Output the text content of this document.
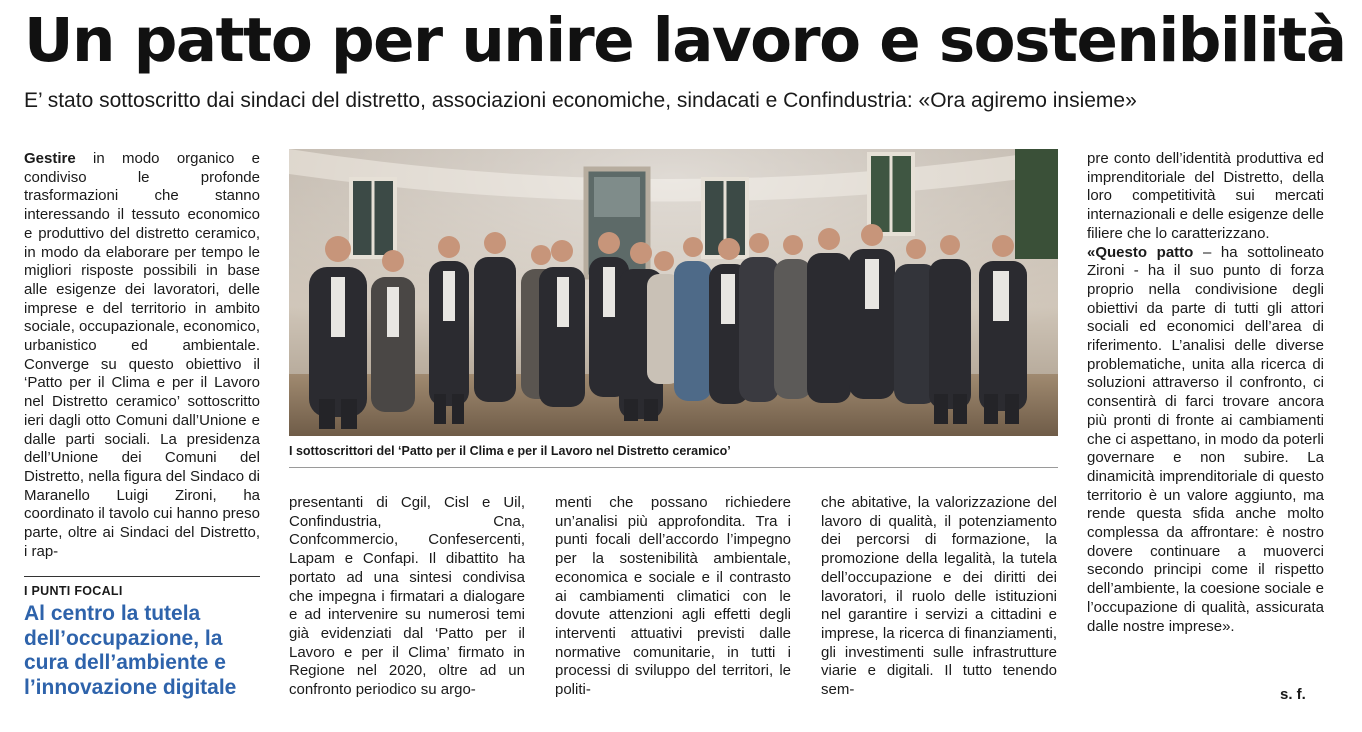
Un patto per unire lavoro e sostenibilità
E’ stato sottoscritto dai sindaci del distretto, associazioni economiche, sindacati e Confindustria: «Ora agiremo insieme»

Gestire in modo organico e condiviso le profonde trasformazioni che stanno interessando il tessuto economico e produttivo del distretto ceramico, in modo da elaborare per tempo le migliori risposte possibili in base alle esigenze dei lavoratori, delle imprese e del territorio in ambito sociale, occupazionale, economico, urbanistico ed ambientale. Converge su questo obiettivo il ‘Patto per il Clima e per il Lavoro nel Distretto ceramico’ sottoscritto ieri dagli otto Comuni dall’Unione e dalle parti sociali. La presidenza dell’Unione dei Comuni del Distretto, nella figura del Sindaco di Maranello Luigi Zironi, ha coordinato il tavolo cui hanno preso parte, oltre ai Sindaci del Distretto, i rap-

I PUNTI FOCALI
Al centro la tutela dell’occupazione, la cura dell’ambiente e l’innovazione digitale
I sottoscrittori del ‘Patto per il Clima e per il Lavoro nel Distretto ceramico’

presentanti di Cgil, Cisl e Uil, Confindustria, Cna, Confcommercio, Confesercenti, Lapam e Confapi. Il dibattito ha portato ad una sintesi condivisa che impegna i firmatari a dialogare e ad intervenire su numerosi temi già evidenziati dal ‘Patto per il Lavoro e per il Clima’ firmato in Regione nel 2020, oltre ad un confronto periodico su argo-

menti che possano richiedere un’analisi più approfondita. Tra i punti focali dell’accordo l’impegno per la sostenibilità ambientale, economica e sociale e il contrasto ai cambiamenti climatici con le dovute attenzioni agli effetti degli interventi attuativi previsti dalle normative comunitarie, in tutti i processi di sviluppo del territori, le politi-

che abitative, la valorizzazione del lavoro di qualità, il potenziamento dei percorsi di formazione, la promozione della legalità, la tutela dell’occupazione e dei diritti dei lavoratori, il ruolo delle istituzioni nel garantire i servizi a cittadini e imprese, la ricerca di finanziamenti, gli investimenti sulle infrastrutture viarie e digitali. Il tutto tenendo sem-

pre conto dell’identità produttiva ed imprenditoriale del Distretto, della loro competitività sui mercati internazionali e delle esigenze delle filiere che lo caratterizzano.

«Questo patto – ha sottolineato Zironi - ha il suo punto di forza proprio nella condivisione degli obiettivi da parte di tutti gli attori sociali ed economici dell’area di riferimento. L’analisi delle diverse problematiche, unita alla ricerca di soluzioni attraverso il confronto, ci consentirà di farci trovare ancora più pronti di fronte ai cambiamenti che ci aspettano, in modo da poterli governare e non subire. La dinamicità imprenditoriale di questo territorio è un valore aggiunto, ma rende questa sfida anche molto complessa da affrontare: è nostro dovere continuare a muoverci secondo principi come il rispetto dell’ambiente, la coesione sociale e l’occupazione di qualità, assicurata dalle nostre imprese».

s. f.
